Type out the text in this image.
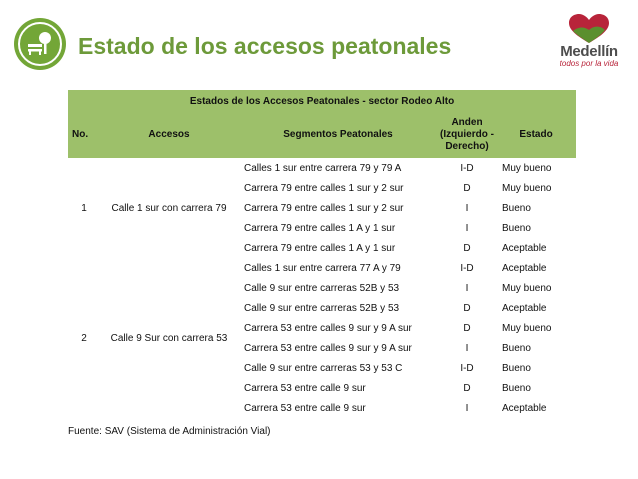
Estado de los accesos peatonales	Medellín
todos por la vida
Estados de los Accesos Peatonales - sector Rodeo Alto				
No.	Accesos	Segmentos Peatonales	Anden (Izquierdo -Derecho)	Estado
1	Calle 1 sur con carrera 79	Calles 1 sur entre carrera 79 y 79 A	I-D	Muy bueno
		Carrera 79 entre calles 1 sur y 2 sur	D	Muy bueno
		Carrera 79 entre calles 1 sur y 2 sur	I	Bueno
		Carrera 79 entre calles 1 A y 1 sur	I	Bueno
		Carrera 79 entre calles 1 A y 1 sur	D	Aceptable
2	Calle 9 Sur con carrera 53	Calles 1 sur entre carrera 77 A y 79	I-D	Aceptable
		Calle 9 sur entre carreras 52B y 53	I	Muy bueno
		Calle 9 sur entre carreras 52B y 53	D	Aceptable
		Carrera 53 entre calles 9 sur y 9 A sur	D	Muy bueno
		Carrera 53 entre calles 9 sur y 9 A sur	I	Bueno
		Calle 9 sur entre carreras 53 y 53 C	I-D	Bueno
		Carrera 53 entre calle 9 sur	D	Bueno
		Carrera 53 entre calle 9 sur	I	Aceptable

Fuente: SAV (Sistema de Administración Vial)
